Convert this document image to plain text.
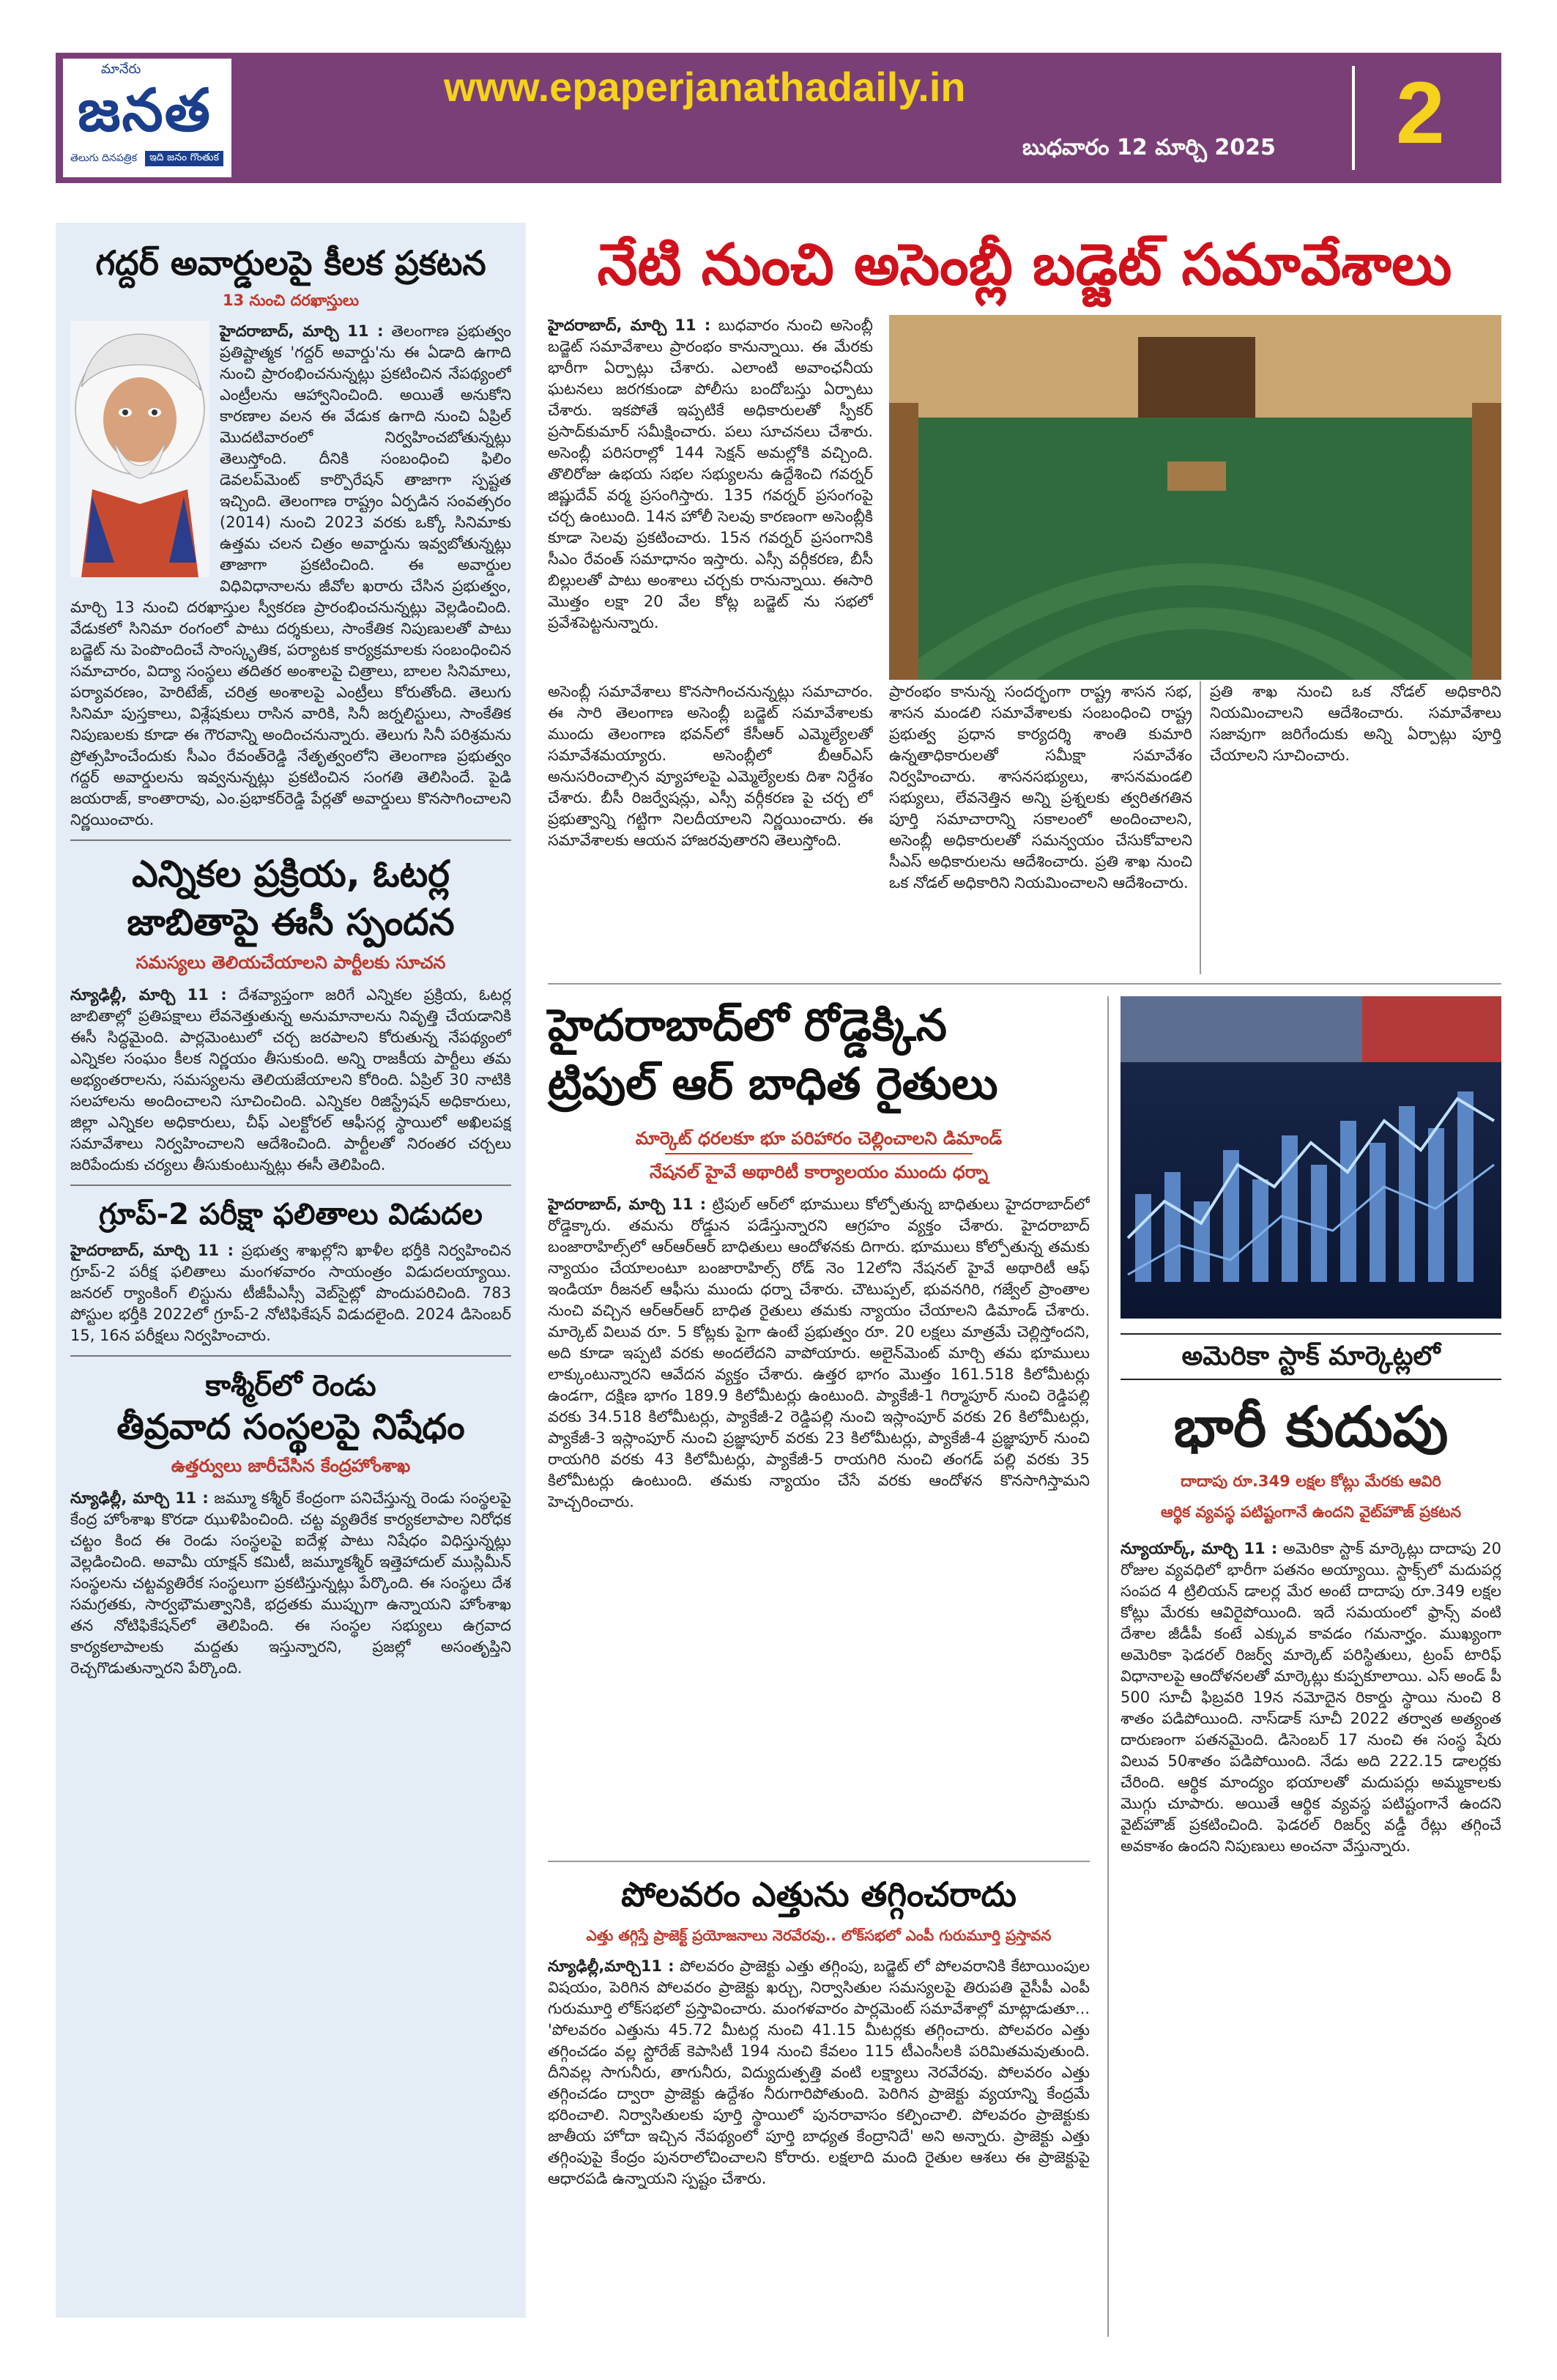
మానేరు
జనత
తెలుగు దినపత్రిక	ఇది జనం గొంతుక
www.epaperjanathadaily.in
బుధవారం 12 మార్చి 2025 2
గద్దర్ అవార్డులపై కీలక ప్రకటన
13 నుంచి దరఖాస్తులు

హైదరాబాద్, మార్చి 11 : తెలంగాణ ప్రభుత్వం ప్రతిష్టాత్మక 'గద్దర్ అవార్డు'ను ఈ ఏడాది ఉగాది నుంచి ప్రారంభించనున్నట్లు ప్రకటించిన నేపథ్యంలో ఎంట్రీలను ఆహ్వానించింది. అయితే అనుకోని కారణాల వలన ఈ వేడుక ఉగాది నుంచి ఏప్రిల్ మొదటివారంలో నిర్వహించబోతున్నట్లు తెలుస్తోంది. దీనికి సంబంధించి ఫిలిం డెవలప్‌మెంట్ కార్పొరేషన్ తాజాగా స్పష్టత ఇచ్చింది. తెలంగాణ రాష్ట్రం ఏర్పడిన సంవత్సరం (2014) నుంచి 2023 వరకు ఒక్కో సినిమాకు ఉత్తమ చలన చిత్రం అవార్డును ఇవ్వబోతున్నట్లు తాజాగా ప్రకటించింది. ఈ అవార్డుల విధివిధానాలను జీవోల ఖరారు చేసిన ప్రభుత్వం, మార్చి 13 నుంచి దరఖాస్తుల స్వీకరణ ప్రారంభించనున్నట్లు వెల్లడించింది. వేడుకలో సినిమా రంగంలో పాటు దర్శకులు, సాంకేతిక నిపుణులతో పాటు బడ్జెట్ ను పెంపొందించే సాంస్కృతిక, పర్యాటక కార్యక్రమాలకు సంబంధించిన సమాచారం, విద్యా సంస్థలు తదితర అంశాలపై చిత్రాలు, బాలల సినిమాలు, పర్యావరణం, హెరిటేజ్, చరిత్ర అంశాలపై ఎంట్రీలు కోరుతోంది. తెలుగు సినిమా పుస్తకాలు, విశ్లేషకులు రాసిన వారికి, సినీ జర్నలిస్టులు, సాంకేతిక నిపుణులకు కూడా ఈ గౌరవాన్ని అందించనున్నారు. తెలుగు సినీ పరిశ్రమను ప్రోత్సహించేందుకు సీఎం రేవంత్‌రెడ్డి నేతృత్వంలోని తెలంగాణ ప్రభుత్వం గద్దర్ అవార్డులను ఇవ్వనున్నట్లు ప్రకటించిన సంగతి తెలిసిందే. పైడి జయరాజ్, కాంతారావు, ఎం.ప్రభాకర్‌రెడ్డి పేర్లతో అవార్డులు కొనసాగించాలని నిర్ణయించారు.

ఎన్నికల ప్రక్రియ, ఓటర్ల
జాబితాపై ఈసీ స్పందన
సమస్యలు తెలియచేయాలని పార్టీలకు సూచన

న్యూఢిల్లీ, మార్చి 11 : దేశవ్యాప్తంగా జరిగే ఎన్నికల ప్రక్రియ, ఓటర్ల జాబితాల్లో ప్రతిపక్షాలు లేవనెత్తుతున్న అనుమానాలను నివృత్తి చేయడానికి ఈసీ సిద్ధమైంది. పార్లమెంటులో చర్చ జరపాలని కోరుతున్న నేపథ్యంలో ఎన్నికల సంఘం కీలక నిర్ణయం తీసుకుంది. అన్ని రాజకీయ పార్టీలు తమ అభ్యంతరాలను, సమస్యలను తెలియజేయాలని కోరింది. ఏప్రిల్ 30 నాటికి సలహాలను అందించాలని సూచించింది. ఎన్నికల రిజిస్ట్రేషన్ అధికారులు, జిల్లా ఎన్నికల అధికారులు, చీఫ్ ఎలక్టోరల్ ఆఫీసర్ల స్థాయిలో అఖిలపక్ష సమావేశాలు నిర్వహించాలని ఆదేశించింది. పార్టీలతో నిరంతర చర్చలు జరిపేందుకు చర్యలు తీసుకుంటున్నట్లు ఈసీ తెలిపింది.

గ్రూప్-2 పరీక్షా ఫలితాలు విడుదల

హైదరాబాద్, మార్చి 11 : ప్రభుత్వ శాఖల్లోని ఖాళీల భర్తీకి నిర్వహించిన గ్రూప్-2 పరీక్ష ఫలితాలు మంగళవారం సాయంత్రం విడుదలయ్యాయి. జనరల్ ర్యాంకింగ్ లిస్టును టీజీపీఎస్సీ వెబ్‌సైట్లో పొందుపరిచింది. 783 పోస్టుల భర్తీకి 2022లో గ్రూప్-2 నోటిఫికేషన్ విడుదలైంది. 2024 డిసెంబర్ 15, 16న పరీక్షలు నిర్వహించారు.

కాశ్మీర్‌లో రెండు
తీవ్రవాద సంస్థలపై నిషేధం
ఉత్తర్వులు జారీచేసిన కేంద్రహోంశాఖ

న్యూఢిల్లీ, మార్చి 11 : జమ్మూ కశ్మీర్ కేంద్రంగా పనిచేస్తున్న రెండు సంస్థలపై కేంద్ర హోంశాఖ కొరడా ఝుళిపించింది. చట్ట వ్యతిరేక కార్యకలాపాల నిరోధక చట్టం కింద ఈ రెండు సంస్థలపై ఐదేళ్ల పాటు నిషేధం విధిస్తున్నట్లు వెల్లడించింది. అవామీ యాక్షన్ కమిటీ, జమ్మూకశ్మీర్ ఇత్తెహాదుల్ ముస్లిమీన్ సంస్థలను చట్టవ్యతిరేక సంస్థలుగా ప్రకటిస్తున్నట్లు పేర్కొంది. ఈ సంస్థలు దేశ సమగ్రతకు, సార్వభౌమత్వానికి, భద్రతకు ముప్పుగా ఉన్నాయని హోంశాఖ తన నోటిఫికేషన్‌లో తెలిపింది. ఈ సంస్థల సభ్యులు ఉగ్రవాద కార్యకలాపాలకు మద్దతు ఇస్తున్నారని, ప్రజల్లో అసంతృప్తిని రెచ్చగొడుతున్నారని పేర్కొంది.

నేటి నుంచి అసెంబ్లీ బడ్జెట్ సమావేశాలు

హైదరాబాద్, మార్చి 11 : బుధవారం నుంచి అసెంబ్లీ బడ్జెట్ సమావేశాలు ప్రారంభం కానున్నాయి. ఈ మేరకు భారీగా ఏర్పాట్లు చేశారు. ఎలాంటి అవాంఛనీయ ఘటనలు జరగకుండా పోలీసు బందోబస్తు ఏర్పాటు చేశారు. ఇకపోతే ఇప్పటికే అధికారులతో స్పీకర్ ప్రసాద్‌కుమార్ సమీక్షించారు. పలు సూచనలు చేశారు. అసెంబ్లీ పరిసరాల్లో 144 సెక్షన్ అమల్లోకి వచ్చింది. తొలిరోజు ఉభయ సభల సభ్యులను ఉద్దేశించి గవర్నర్ జిష్ణుదేవ్ వర్మ ప్రసంగిస్తారు. 135 గవర్నర్ ప్రసంగంపై చర్చ ఉంటుంది. 14న హోలీ సెలవు కారణంగా అసెంబ్లీకి కూడా సెలవు ప్రకటించారు. 15న గవర్నర్ ప్రసంగానికి సీఎం రేవంత్ సమాధానం ఇస్తారు. ఎస్సీ వర్గీకరణ, బీసీ బిల్లులతో పాటు అంశాలు చర్చకు రానున్నాయి. ఈసారి మొత్తం లక్షా 20 వేల కోట్ల బడ్జెట్ ను సభలో ప్రవేశపెట్టనున్నారు.

అసెంబ్లీ సమావేశాలు కొనసాగించనున్నట్లు సమాచారం. ఈ సారి తెలంగాణ అసెంబ్లీ బడ్జెట్ సమావేశాలకు ముందు తెలంగాణ భవన్‌లో కేసీఆర్ ఎమ్మెల్యేలతో సమావేశమయ్యారు. అసెంబ్లీలో బీఆర్ఎస్ అనుసరించాల్సిన వ్యూహాలపై ఎమ్మెల్యేలకు దిశా నిర్దేశం చేశారు. బీసీ రిజర్వేషన్లు, ఎస్సీ వర్గీకరణ పై చర్చ లో ప్రభుత్వాన్ని గట్టిగా నిలదీయాలని నిర్ణయించారు. ఈ సమావేశాలకు ఆయన హాజరవుతారని తెలుస్తోంది.

ప్రారంభం కానున్న సందర్భంగా రాష్ట్ర శాసన సభ, శాసన మండలి సమావేశాలకు సంబంధించి రాష్ట్ర ప్రభుత్వ ప్రధాన కార్యదర్శి శాంతి కుమారి ఉన్నతాధికారులతో సమీక్షా సమావేశం నిర్వహించారు. శాసనసభ్యులు, శాసనమండలి సభ్యులు, లేవనెత్తిన అన్ని ప్రశ్నలకు త్వరితగతిన పూర్తి సమాచారాన్ని సకాలంలో అందించాలని, అసెంబ్లీ అధికారులతో సమన్వయం చేసుకోవాలని సీఎస్ అధికారులను ఆదేశించారు. ప్రతి శాఖ నుంచి ఒక నోడల్ అధికారిని నియమించాలని ఆదేశించారు.

ప్రతి శాఖ నుంచి ఒక నోడల్ అధికారిని నియమించాలని ఆదేశించారు. సమావేశాలు సజావుగా జరిగేందుకు అన్ని ఏర్పాట్లు పూర్తి చేయాలని సూచించారు.

హైదరాబాద్‌లో రోడ్డెక్కిన
ట్రిపుల్ ఆర్ బాధిత రైతులు
మార్కెట్ ధరలకూ భూ పరిహారం చెల్లించాలని డిమాండ్
నేషనల్ హైవే అథారిటీ కార్యాలయం ముందు ధర్నా

హైదరాబాద్, మార్చి 11 : ట్రిపుల్ ఆర్‌లో భూములు కోల్పోతున్న బాధితులు హైదరాబాద్‌లో రోడ్డెక్కారు. తమను రోడ్డున పడేస్తున్నారని ఆగ్రహం వ్యక్తం చేశారు. హైదరాబాద్ బంజారాహిల్స్‌లో ఆర్ఆర్ఆర్ బాధితులు ఆందోళనకు దిగారు. భూములు కోల్పోతున్న తమకు న్యాయం చేయాలంటూ బంజారాహిల్స్ రోడ్ నెం 12లోని నేషనల్ హైవే అథారిటీ ఆఫ్ ఇండియా రీజనల్ ఆఫీసు ముందు ధర్నా చేశారు. చౌటుప్పల్, భువనగిరి, గజ్వేల్ ప్రాంతాల నుంచి వచ్చిన ఆర్ఆర్ఆర్ బాధిత రైతులు తమకు న్యాయం చేయాలని డిమాండ్ చేశారు. మార్కెట్ విలువ రూ. 5 కోట్లకు పైగా ఉంటే ప్రభుత్వం రూ. 20 లక్షలు మాత్రమే చెల్లిస్తోందని, అది కూడా ఇప్పటి వరకు అందలేదని వాపోయారు. అలైన్‌మెంట్ మార్చి తమ భూములు లాక్కుంటున్నారని ఆవేదన వ్యక్తం చేశారు. ఉత్తర భాగం మొత్తం 161.518 కిలోమీటర్లు ఉండగా, దక్షిణ భాగం 189.9 కిలోమీటర్లు ఉంటుంది. ప్యాకేజీ-1 గిర్మాపూర్ నుంచి రెడ్డిపల్లి వరకు 34.518 కిలోమీటర్లు, ప్యాకేజీ-2 రెడ్డిపల్లి నుంచి ఇస్లాంపూర్ వరకు 26 కిలోమీటర్లు, ప్యాకేజీ-3 ఇస్లాంపూర్ నుంచి ప్రజ్ఞాపూర్ వరకు 23 కిలోమీటర్లు, ప్యాకేజీ-4 ప్రజ్ఞాపూర్ నుంచి రాయగిరి వరకు 43 కిలోమీటర్లు, ప్యాకేజీ-5 రాయగిరి నుంచి తంగడ్ పల్లి వరకు 35 కిలోమీటర్లు ఉంటుంది. తమకు న్యాయం చేసే వరకు ఆందోళన కొనసాగిస్తామని హెచ్చరించారు.

అమెరికా స్టాక్ మార్కెట్లలో
భారీ కుదుపు
దాదాపు రూ.349 లక్షల కోట్లు మేరకు ఆవిరి
ఆర్థిక వ్యవస్థ పటిష్టంగానే ఉందని వైట్‌హౌజ్ ప్రకటన

న్యూయార్క్, మార్చి 11 : అమెరికా స్టాక్ మార్కెట్లు దాదాపు 20 రోజుల వ్యవధిలో భారీగా పతనం అయ్యాయి. స్టాక్స్‌లో మదుపర్ల సంపద 4 ట్రిలియన్ డాలర్ల మేర అంటే దాదాపు రూ.349 లక్షల కోట్లు మేరకు ఆవిరైపోయింది. ఇదే సమయంలో ఫ్రాన్స్ వంటి దేశాల జీడీపీ కంటే ఎక్కువ కావడం గమనార్హం. ముఖ్యంగా అమెరికా ఫెడరల్ రిజర్వ్ మార్కెట్ పరిస్థితులు, ట్రంప్ టారిఫ్ విధానాలపై ఆందోళనలతో మార్కెట్లు కుప్పకూలాయి. ఎస్ అండ్ పీ 500 సూచీ ఫిబ్రవరి 19న నమోదైన రికార్డు స్థాయి నుంచి 8 శాతం పడిపోయింది. నాస్‌డాక్ సూచీ 2022 తర్వాత అత్యంత దారుణంగా పతనమైంది. డిసెంబర్ 17 నుంచి ఈ సంస్థ షేరు విలువ 50శాతం పడిపోయింది. నేడు అది 222.15 డాలర్లకు చేరింది. ఆర్థిక మాంద్యం భయాలతో మదుపర్లు అమ్మకాలకు మొగ్గు చూపారు. అయితే ఆర్థిక వ్యవస్థ పటిష్టంగానే ఉందని వైట్‌హౌజ్ ప్రకటించింది. ఫెడరల్ రిజర్వ్ వడ్డీ రేట్లు తగ్గించే అవకాశం ఉందని నిపుణులు అంచనా వేస్తున్నారు.

పోలవరం ఎత్తును తగ్గించరాదు
ఎత్తు తగ్గిస్తే ప్రాజెక్ట్ ప్రయోజనాలు నెరవేరవు.. లోక్‌సభలో ఎంపీ గురుమూర్తి ప్రస్తావన

న్యూఢిల్లీ,మార్చి11 : పోలవరం ప్రాజెక్టు ఎత్తు తగ్గింపు, బడ్జెట్ లో పోలవరానికి కేటాయింపుల విషయం, పెరిగిన పోలవరం ప్రాజెక్టు ఖర్చు, నిర్వాసితుల సమస్యలపై తిరుపతి వైసీపీ ఎంపీ గురుమూర్తి లోక్‌సభలో ప్రస్తావించారు. మంగళవారం పార్లమెంట్ సమావేశాల్లో మాట్లాడుతూ... 'పోలవరం ఎత్తును 45.72 మీటర్ల నుంచి 41.15 మీటర్లకు తగ్గించారు. పోలవరం ఎత్తు తగ్గించడం వల్ల స్టోరేజ్ కెపాసిటీ 194 నుంచి కేవలం 115 టీఎంసీలకి పరిమితమవుతుంది. దీనివల్ల సాగునీరు, తాగునీరు, విద్యుదుత్పత్తి వంటి లక్ష్యాలు నెరవేరవు. పోలవరం ఎత్తు తగ్గించడం ద్వారా ప్రాజెక్టు ఉద్దేశం నీరుగారిపోతుంది. పెరిగిన ప్రాజెక్టు వ్యయాన్ని కేంద్రమే భరించాలి. నిర్వాసితులకు పూర్తి స్థాయిలో పునరావాసం కల్పించాలి. పోలవరం ప్రాజెక్టుకు జాతీయ హోదా ఇచ్చిన నేపథ్యంలో పూర్తి బాధ్యత కేంద్రానిదే' అని అన్నారు. ప్రాజెక్టు ఎత్తు తగ్గింపుపై కేంద్రం పునరాలోచించాలని కోరారు. లక్షలాది మంది రైతుల ఆశలు ఈ ప్రాజెక్టుపై ఆధారపడి ఉన్నాయని స్పష్టం చేశారు.
